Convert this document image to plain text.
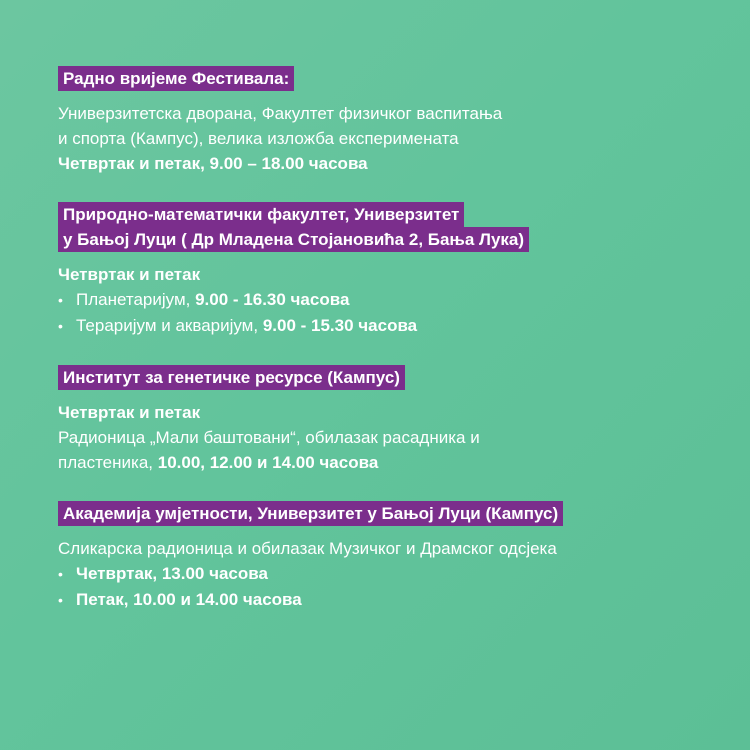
Радно вријеме Фестивала:

Универзитетска дворана, Факултет физичког васпитања

и спорта (Кампус), велика изложба експеримената

Четвртак и петак, 9.00 – 18.00 часова

Природно-математички факултет, Универзитет
у Бањој Луци ( Др Младена Стојановића 2, Бања Лука)

Четвртак и петак

• Планетаријум, 9.00 - 16.30 часова
• Тераријум и акваријум, 9.00 - 15.30 часова
Институт за генетичке ресурсе (Кампус)

Четвртак и петак

Радионица „Мали баштовани“, обилазак расадника и

пластеника, 10.00, 12.00 и 14.00 часова

Академија умјетности, Универзитет у Бањој Луци (Кампус)

Сликарска радионица и обилазак Музичког и Драмског одсјека

• Четвртак, 13.00 часова
• Петак, 10.00 и 14.00 часова
